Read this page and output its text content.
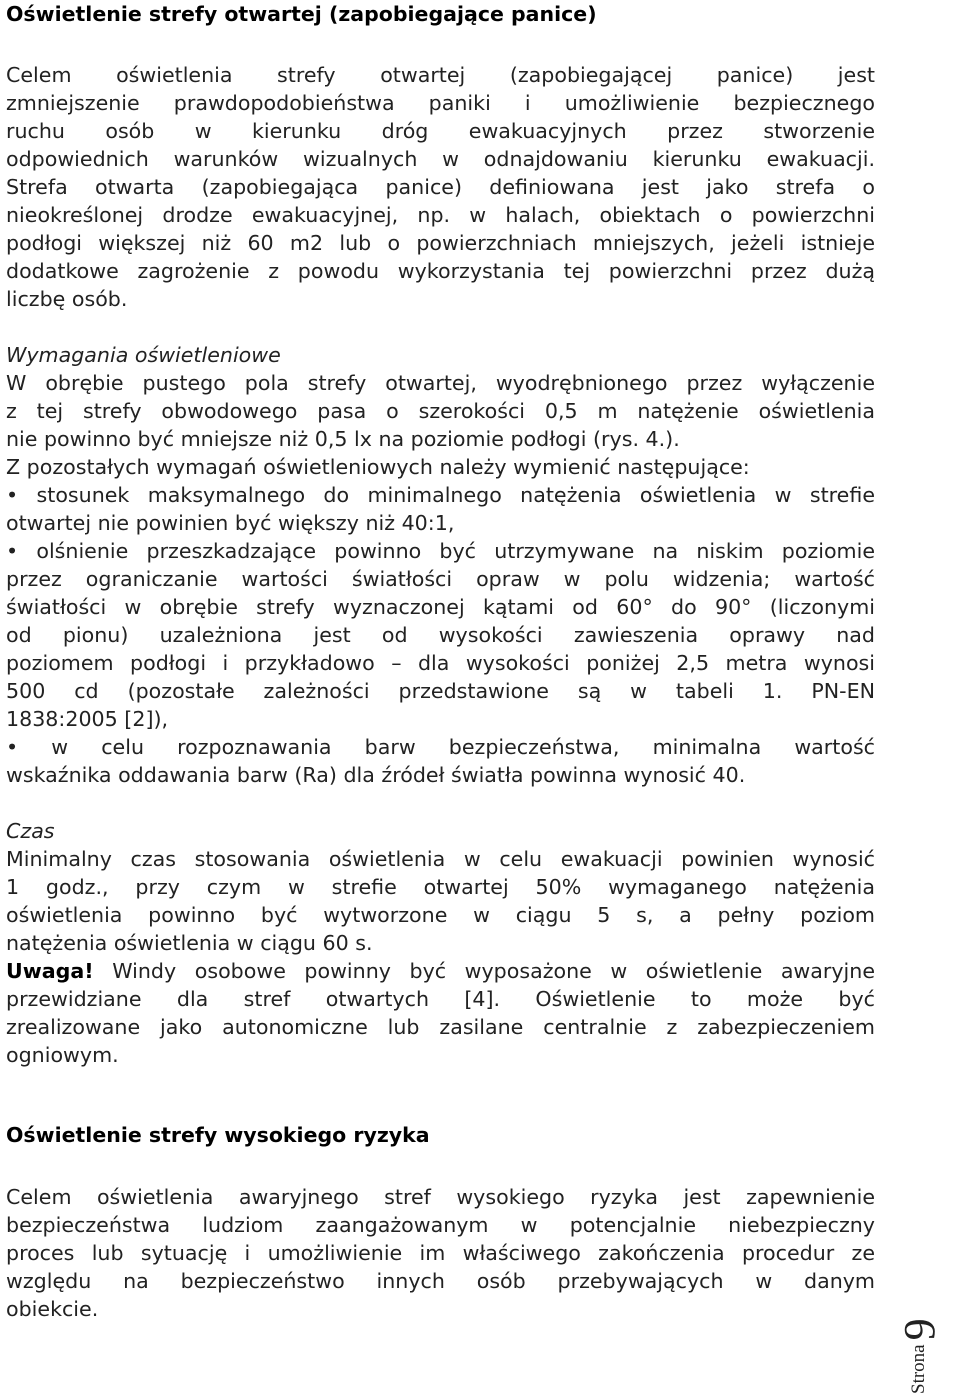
Oświetlenie strefy otwartej (zapobiegające panice)
Celem oświetlenia strefy otwartej (zapobiegającej panice) jest
zmniejszenie prawdopodobieństwa paniki i umożliwienie bezpiecznego
ruchu osób w kierunku dróg ewakuacyjnych przez stworzenie
odpowiednich warunków wizualnych w odnajdowaniu kierunku ewakuacji.
Strefa otwarta (zapobiegająca panice) definiowana jest jako strefa o
nieokreślonej drodze ewakuacyjnej, np. w halach, obiektach o powierzchni
podłogi większej niż 60 m2 lub o powierzchniach mniejszych, jeżeli istnieje
dodatkowe zagrożenie z powodu wykorzystania tej powierzchni przez dużą
liczbę osób.
Wymagania oświetleniowe
W obrębie pustego pola strefy otwartej, wyodrębnionego przez wyłączenie
z tej strefy obwodowego pasa o szerokości 0,5 m natężenie oświetlenia
nie powinno być mniejsze niż 0,5 lx na poziomie podłogi (rys. 4.).
Z pozostałych wymagań oświetleniowych należy wymienić następujące:
• stosunek maksymalnego do minimalnego natężenia oświetlenia w strefie
otwartej nie powinien być większy niż 40:1,
• olśnienie przeszkadzające powinno być utrzymywane na niskim poziomie
przez ograniczanie wartości światłości opraw w polu widzenia; wartość
światłości w obrębie strefy wyznaczonej kątami od 60° do 90° (liczonymi
od pionu) uzależniona jest od wysokości zawieszenia oprawy nad
poziomem podłogi i przykładowo – dla wysokości poniżej 2,5 metra wynosi
500 cd (pozostałe zależności przedstawione są w tabeli 1. PN-EN
1838:2005 [2]),
• w celu rozpoznawania barw bezpieczeństwa, minimalna wartość
wskaźnika oddawania barw (Ra) dla źródeł światła powinna wynosić 40.
Czas
Minimalny czas stosowania oświetlenia w celu ewakuacji powinien wynosić
1 godz., przy czym w strefie otwartej 50% wymaganego natężenia
oświetlenia powinno być wytworzone w ciągu 5 s, a pełny poziom
natężenia oświetlenia w ciągu 60 s.
Uwaga! Windy osobowe powinny być wyposażone w oświetlenie awaryjne
przewidziane dla stref otwartych [4]. Oświetlenie to może być
zrealizowane jako autonomiczne lub zasilane centralnie z zabezpieczeniem
ogniowym.
Oświetlenie strefy wysokiego ryzyka
Celem oświetlenia awaryjnego stref wysokiego ryzyka jest zapewnienie
bezpieczeństwa ludziom zaangażowanym w potencjalnie niebezpieczny
proces lub sytuację i umożliwienie im właściwego zakończenia procedur ze
względu na bezpieczeństwo innych osób przebywających w danym
obiekcie.
Strona 9
